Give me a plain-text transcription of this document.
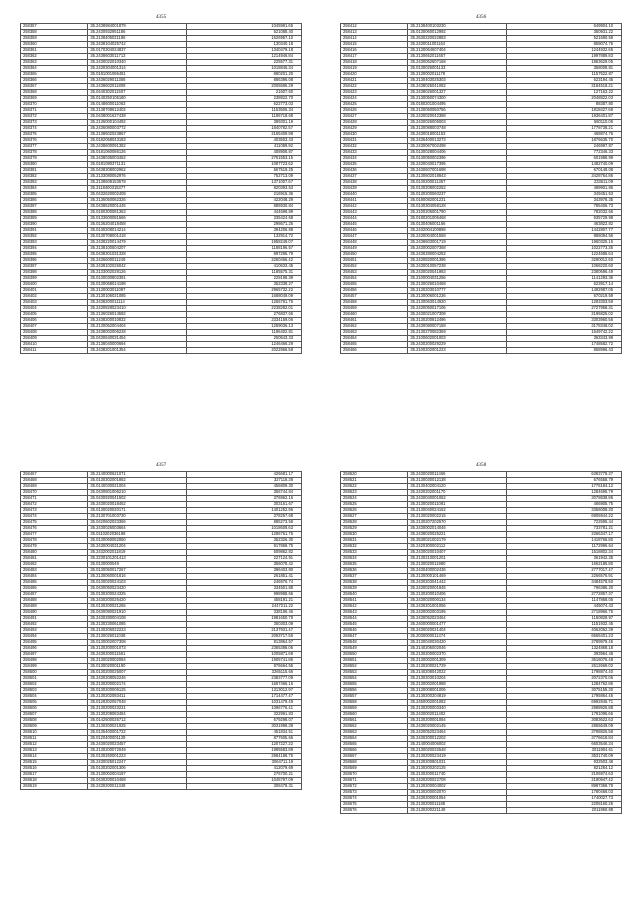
4355
258357	35.2438984001879	1045981.65
258358	35.2430932951186	521088.40
258359	35.2138405021196	1526957.10
258360	35.2438104025742	130340.18
258361	35.0170304024837	1340479.18
258362	35.2438603011713	1214946.84
258363	35.2430022010340	225577.31
258364	35.2430304001314	1018846.34
258365	35.0181001086481	880201.20
258366	35.2436029011368	886396.08
258367	35.2438602011809	2005596.29
258368	35.0440302011507	21607.60
258369	35.0140250105180	238822.70
258370	35.0148600011063	622773.03
258371	35.2138708612402	1153506.34
258372	35.0438001627438	1185718.68
258373	35.2136000104492	389301.19
258374	35.2436080003772	1840782.57
258375	35.2138602023867	2165409.98
258376	35.0182058043183	403503.43
258377	35.2438600091382	411089.92
258378	35.0181060086126	408908.87
258379	35.2438035003462	2751553.15
258380	35.0181080371131	1087723.62
258381	35.0438308002962	567519.25
258382	35.2133080052976	752713.09
258383	35.2138608153578	1371007.67
258384	35.2118400315377	820393.53
258385	35.0432620002408	216915.36
258386	35.2136050062326	422048.29
258387	35.0438520001445	885930.84
258388	35.0180300081363	444698.89
258389	35.0133600081566	335424.68
258390	35.0136204018458	298671.25
258391	35.0130208014214	394206.88
258392	35.0130708001418	132914.72
258393	35.2438220014479	1958249.07
258394	35.2138100504207	1188196.57
258395	35.0438301031328	897295.79
258396	35.2436600011249	2250466.42
258397	35.2438102026042	410633.45
258398	35.2133002028126	1185575.31
258399	35.0130030802391	229198.39
258400	35.0130068014198	352338.27
258401	35.2130003011087	2965732.22
258402	35.2130106021085	1688049.09
258403	35.2438200011114	1265791.75
258404	35.2430828023410	2238282.01
258405	35.2136026014592	276837.66
258406	35.2438200010832	2334159.06
258407	35.2130062004404	1259036.13
258408	35.2438002006228	1196402.81
258409	35.0430640031454	250543.33
258410	35.2138040000694	1246466.29
258411	35.2438201001354	2022966.58
4356
258412	35.2138400103230	649904.10
258413	35.0130060012992	350931.22
258414	35.2530220022883	521690.59
258415	35.2430011001164	859074.76
258416	35.2130064607404	1244932.66
258417	35.2130652011657	1997889.83
258418	35.2430062607168	1863629.05
258419	35.0130026001133	358008.81
258420	35.2130002011178	1157522.87
258421	35.2130403025303	623194.45
258422	35.2438025041082	3184518.21
258423	35.2438026001327	127163.22
258424	35.2130050074300	2048822.03
258425	35.0180201004495	88387.80
258426	35.2130050050756	1818427.69
258427	35.2430020042388	1936401.87
258428	35.2430026005003	580110.06
258429	35.2130088003748	1778738.21
258430	35.2430018001153	468874.76
258431	35.2436400013273	1876635.70
258432	35.2430067002498	246997.87
258433	35.0130028004406	772346.33
258434	35.0130050002396	601988.99
258435	35.2430040017395	1482740.09
258436	35.2430607001698	670148.08
258437	35.2130602018843	3428764.86
258438	35.0130200011357	233611.09
258439	35.0130208002252	499901.86
258440	35.0130200060237	349451.53
258441	35.0180082001231	343978.35
258442	35.0130304058128	785406.73
258443	35.2100206001790	782032.66
258444	35.0180201006468	935729.98
258445	35.0130406001166	463822.82
258446	35.2432004100898	1442807.77
258447	35.2430004001558	885094.56
258448	35.2438603001719	1960325.16
258449	35.2430002007368	1022773.35
258450	35.2430280004252	1224685.64
258451	35.2430820001396	3290012.60
258452	35.2430010057238	1068220.60
258453	35.2430020041983	2380696.49
258454	35.2100004031256	1141293.36
258455	35.2130026010468	623917.14
258456	35.2130203010777	1492987.05
258457	35.2130006001236	670219.59
258458	35.2130063014920	1283303.59
258459	35.2430050017106	2727958.31
258460	35.2430021007308	2196825.02
258461	35.2130200812496	3303960.56
258462	35.2430080007158	3178348.02
258463	35.2130270082369	1549742.22
258464	35.2100602001003	363343.99
258465	35.2430200029229	1748582.72
258466	35.2100202001223	868996.43
4357
258467	35.2140000621071	426681.17
258468	35.0130302001862	327118.38
258469	35.0140030021004	456809.30
258470	35.0430801006210	356744.84
258471	35.0430920041502	376962.16
258472	35.2430020018462	303161.67
258473	35.0130020020171	1401252.96
258474	35.2130701003730	378257.68
258475	35.0420602023366	885273.58
258476	35.2430026003664	1018608.63
258477	35.0110202036188	1286761.75
258478	35.0130060052050	352326.30
258479	35.2430004031204	917868.75
258480	35.2432002011819	509862.82
258481	35.2230101201413	227124.91
258482	35.0130000049	356078.42
258483	35.0130050017267	396403.80
258484	35.2130060001816	261851.41
258485	35.0130020024103	246976.74
258486	35.0430050023420	334501.88
258487	35.0130200024325	998988.66
258488	35.2430200026420	458191.21
258489	35.0130200021265	2447211.22
258490	35.0430080021910	338196.46
258491	35.2430280004108	1981650.78
258492	35.2130230061085	350303.09
258493	35.2130206022223	2137931.47
258494	35.2130026011038	2093717.55
258495	35.0130002007308	813864.57
258496	35.2130200001073	2365398.06
258497	35.2430200011561	1005871.69
258498	35.2130020002084	1905741.86
258499	35.0130020001190	876664.55
258500	35.0130200025007	3265115.66
258501	35.2430208052246	2383777.09
258502	35.2130200002174	1667466.16
258503	35.0130200006125	1313012.97
258504	35.2130202083411	1714477.47
258505	35.0128302057048	1031479.49
258506	35.2130200023221	1096776.41
258507	35.2130208083484	322991.83
258508	35.0142500025712	679298.07
258509	35.2130200021925	3031998.39
258510	35.0135400001722	451834.51
258511	35.0120400001128	877605.66
258512	35.2430020023457	1207227.22
258513	35.2130200072049	1985583.89
258514	35.0130260001223	2984188.75
258515	35.2430025012247	3064711.19
258516	35.0130202001306	412079.69
258517	35.2130002004197	276700.21
258518	35.0430200010468	1045797.09
258519	35.2430200011348	308478.31
4358
258520	35.2430020011466	6383778.37
258521	35.2130030012138	676558.79
258522	35.2130402004120	1775184.12
258523	35.2430202001170	1284695.79
258524	35.2430040001062	3078838.86
258525	35.2130020011081	466905.75
258526	35.2130040024162	3356008.30
258527	35.2130020002215	6905944.22
258528	35.2130207202570	722595.44
258529	35.2430002014046	733781.21
258530	35.2438020025221	2266347.17
258531	35.2530021002179	1418766.80
258532	35.2420300002112	1172996.64
258533	35.2430020010407	1518802.34
258534	35.2130210001201	361942.35
258535	35.2130020011980	1662185.80
258536	35.2430400002436	2777017.47
258537	35.2130000101469	2266576.91
258538	35.2430203041442	3484578.50
258539	35.2430020001945	796386.20
258540	35.2130200010406	2772857.37
258541	35.2430020000134	1147868.05
258542	35.2430201001056	445074.43
258543	35.2430002003195	2718966.75
258544	35.2430052023464	1150828.97
258545	35.2400000001477	1151932.45
258546	35.2430020021404	4062062.39
258547	35.2030000011474	6665401.23
258548	35.2130040030420	2789979.45
258549	35.2140206002046	1324868.18
258550	35.2130200002370	393964.46
258551	35.2130002001309	3516076.48
258552	35.2130200021729	2612669.02
258553	35.2140208042022	1798874.40
258554	35.2130203010204	2072370.06
258555	35.2130002001988	1284762.86
258556	35.2130008001006	3075155.30
258557	35.2130200204819	1795864.45
258558	35.2450002001082	6992845.71
258559	35.2130200003340	2988926.88
258560	35.2430002011402	1781095.66
258561	35.2130200001084	3083622.63
258562	35.2430020002145	2865649.09
258563	35.2430052023464	3798826.58
258564	35.2430200012202	3776618.84
258565	35.2140004006002	6603546.34
258566	35.2130020032548	3011904.61
258567	35.2130200023419	3531740.09
258568	35.2130200801031	932503.48
258569	35.2130200202125	821264.12
258570	35.2130200011740	2106974.63
258571	35.2430200022708	2190947.42
258572	35.2130200004002	8987368.78
258573	35.2130200002070	1780468.03
258574	35.2430200001054	1740027.73
258575	35.2130200011188	2208160.25
258576	35.2130200221148	2011960.88
